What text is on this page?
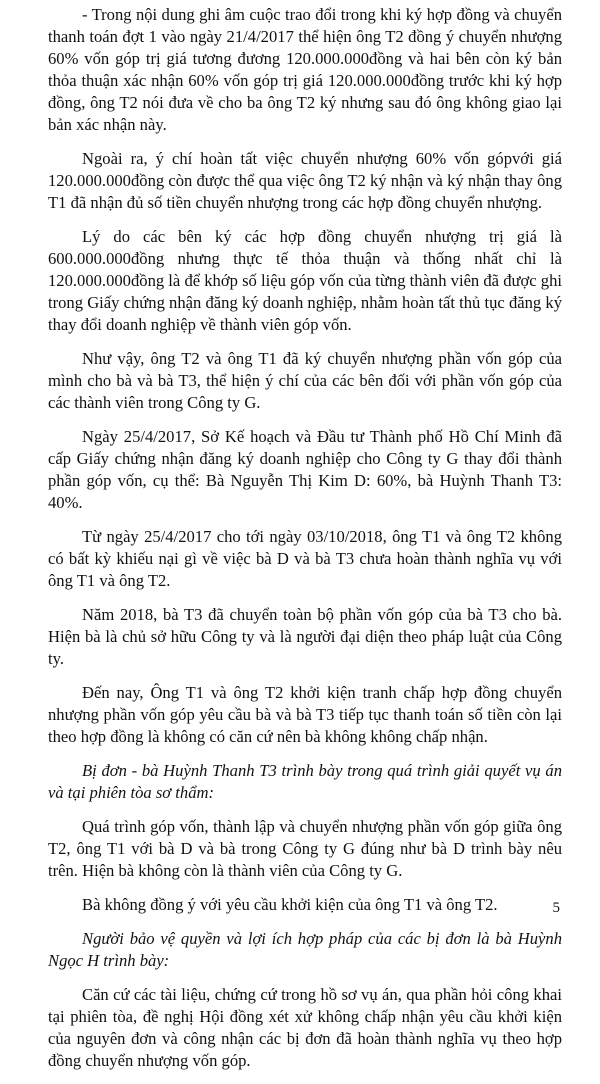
- Trong nội dung ghi âm cuộc trao đổi trong khi ký hợp đồng và chuyển thanh toán đợt 1 vào ngày 21/4/2017 thể hiện ông T2 đồng ý chuyển nhượng 60% vốn góp trị giá tương đương 120.000.000đồng và hai bên còn ký bản thỏa thuận xác nhận 60% vốn góp trị giá 120.000.000đồng trước khi ký hợp đồng, ông T2 nói đưa về cho ba ông T2 ký nhưng sau đó ông không giao lại bản xác nhận này.

Ngoài ra, ý chí hoàn tất việc chuyển nhượng 60% vốn gópvới giá 120.000.000đồng còn được thể qua việc ông T2 ký nhận và ký nhận thay ông T1 đã nhận đủ số tiền chuyển nhượng trong các hợp đồng chuyển nhượng.

Lý do các bên ký các hợp đồng chuyển nhượng trị giá là 600.000.000đồng nhưng thực tế thỏa thuận và thống nhất chỉ là 120.000.000đồng là để khớp số liệu góp vốn của từng thành viên đã được ghi trong Giấy chứng nhận đăng ký doanh nghiệp, nhằm hoàn tất thủ tục đăng ký thay đổi doanh nghiệp về thành viên góp vốn.

Như vậy, ông T2 và ông T1 đã ký chuyển nhượng phần vốn góp của mình cho bà và bà T3, thể hiện ý chí của các bên đối với phần vốn góp của các thành viên trong Công ty G.

Ngày 25/4/2017, Sở Kế hoạch và Đầu tư Thành phố Hồ Chí Minh đã cấp Giấy chứng nhận đăng ký doanh nghiệp cho Công ty G thay đổi thành phần góp vốn, cụ thể: Bà Nguyễn Thị Kim D: 60%, bà Huỳnh Thanh T3: 40%.

Từ ngày 25/4/2017 cho tới ngày 03/10/2018, ông T1 và ông T2 không có bất kỳ khiếu nại gì về việc bà D và bà T3 chưa hoàn thành nghĩa vụ với ông T1 và ông T2.

Năm 2018, bà T3 đã chuyển toàn bộ phần vốn góp của bà T3 cho bà. Hiện bà là chủ sở hữu Công ty và là người đại diện theo pháp luật của Công ty.

Đến nay, Ông T1 và ông T2 khởi kiện tranh chấp hợp đồng chuyển nhượng phần vốn góp yêu cầu bà và bà T3 tiếp tục thanh toán số tiền còn lại theo hợp đồng là không có căn cứ nên bà không không chấp nhận.

Bị đơn - bà Huỳnh Thanh T3 trình bày trong quá trình giải quyết vụ án và tại phiên tòa sơ thẩm:

Quá trình góp vốn, thành lập và chuyển nhượng phần vốn góp giữa ông T2, ông T1 với bà D và bà trong Công ty G đúng như bà D trình bày nêu trên. Hiện bà không còn là thành viên của Công ty G.

Bà không đồng ý với yêu cầu khởi kiện của ông T1 và ông T2.

Người bảo vệ quyền và lợi ích hợp pháp của các bị đơn là bà Huỳnh Ngọc H trình bày:

Căn cứ các tài liệu, chứng cứ trong hồ sơ vụ án, qua phần hỏi công khai tại phiên tòa, đề nghị Hội đồng xét xử không chấp nhận yêu cầu khởi kiện của nguyên đơn và công nhận các bị đơn đã hoàn thành nghĩa vụ theo hợp đồng chuyển nhượng vốn góp.

5
